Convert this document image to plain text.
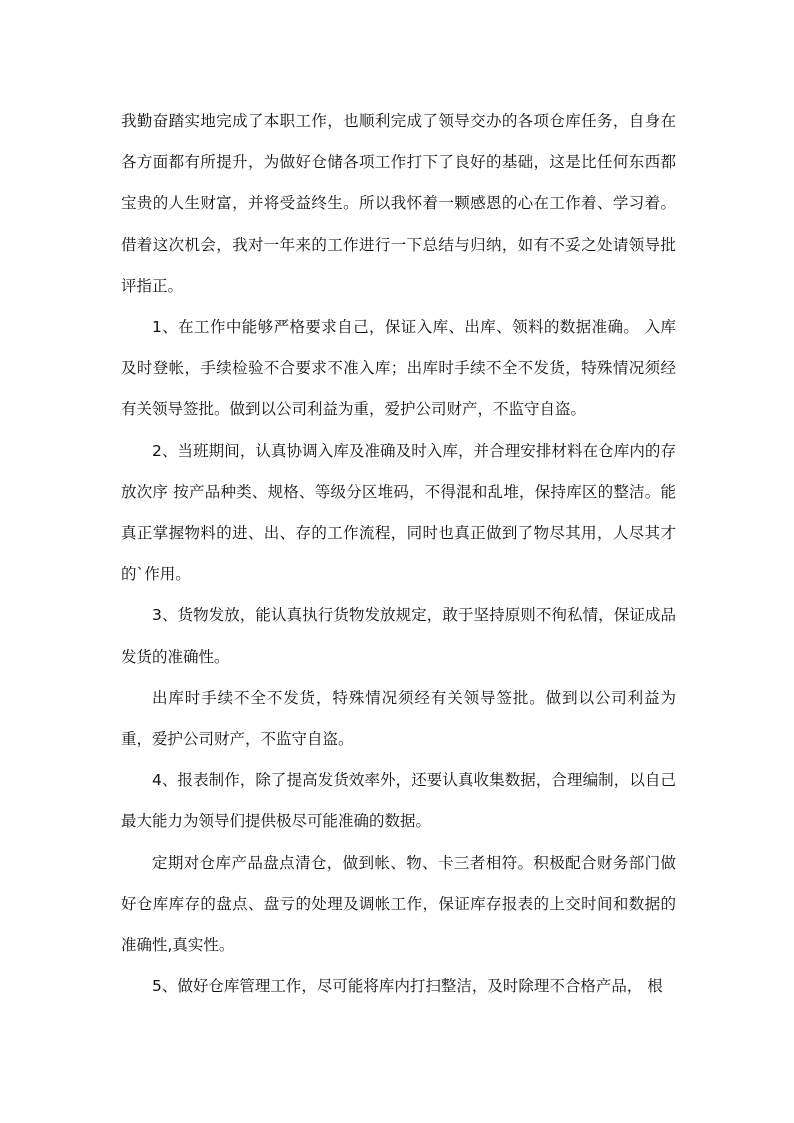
我勤奋踏实地完成了本职工作，也顺利完成了领导交办的各项仓库任务，自身在各方面都有所提升，为做好仓储各项工作打下了良好的基础，这是比任何东西都宝贵的人生财富，并将受益终生。所以我怀着一颗感恩的心在工作着、学习着。借着这次机会，我对一年来的工作进行一下总结与归纳，如有不妥之处请领导批评指正。

1、在工作中能够严格要求自己，保证入库、出库、领料的数据准确。 入库及时登帐，手续检验不合要求不准入库；出库时手续不全不发货，特殊情况须经有关领导签批。做到以公司利益为重，爱护公司财产，不监守自盗。

2、当班期间，认真协调入库及准确及时入库，并合理安排材料在仓库内的存放次序 按产品种类、规格、等级分区堆码，不得混和乱堆，保持库区的整洁。能真正掌握物料的进、出、存的工作流程，同时也真正做到了物尽其用，人尽其才的`作用。

3、货物发放，能认真执行货物发放规定，敢于坚持原则不徇私情，保证成品发货的准确性。

出库时手续不全不发货，特殊情况须经有关领导签批。做到以公司利益为重，爱护公司财产，不监守自盗。

4、报表制作，除了提高发货效率外，还要认真收集数据，合理编制，以自己最大能力为领导们提供极尽可能准确的数据。

定期对仓库产品盘点清仓，做到帐、物、卡三者相符。积极配合财务部门做好仓库库存的盘点、盘亏的处理及调帐工作，保证库存报表的上交时间和数据的准确性,真实性。

5、做好仓库管理工作，尽可能将库内打扫整洁，及时除理不合格产品， 根
